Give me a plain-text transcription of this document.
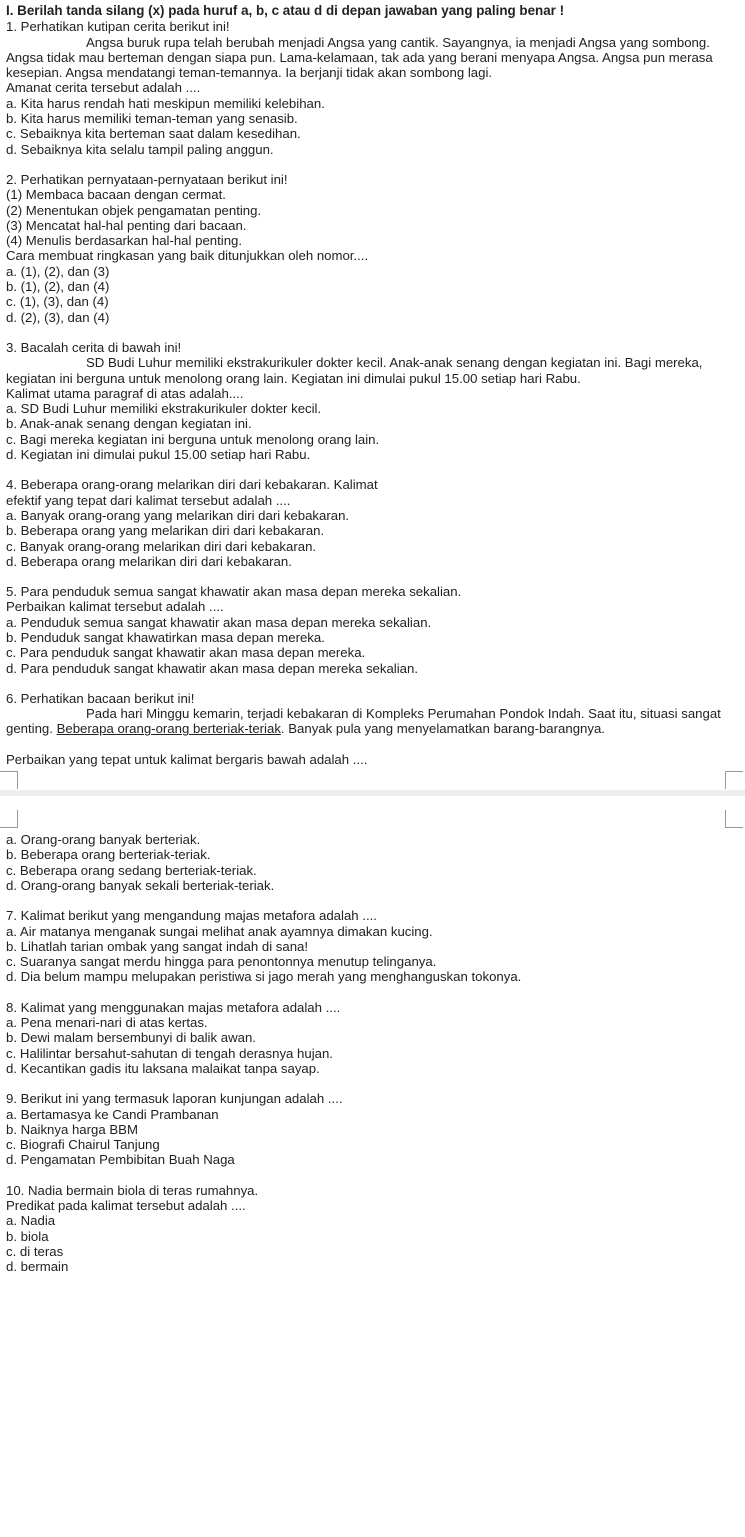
I. Berilah tanda silang (x) pada huruf a, b, c atau d di depan jawaban yang paling benar !
1. Perhatikan kutipan cerita berikut ini!

Angsa buruk rupa telah berubah menjadi Angsa yang cantik. Sayangnya, ia menjadi Angsa yang sombong. Angsa tidak mau berteman dengan siapa pun. Lama-kelamaan, tak ada yang berani menyapa Angsa. Angsa pun merasa kesepian. Angsa mendatangi teman-temannya. Ia berjanji tidak akan sombong lagi.

Amanat cerita tersebut adalah ....
a. Kita harus rendah hati meskipun memiliki kelebihan.
b. Kita harus memiliki teman-teman yang senasib.
c. Sebaiknya kita berteman saat dalam kesedihan.
d. Sebaiknya kita selalu tampil paling anggun.
2. Perhatikan pernyataan-pernyataan berikut ini!
(1) Membaca bacaan dengan cermat.
(2) Menentukan objek pengamatan penting.
(3) Mencatat hal-hal penting dari bacaan.
(4) Menulis berdasarkan hal-hal penting.
Cara membuat ringkasan yang baik ditunjukkan oleh nomor....
a. (1), (2), dan (3)
b. (1), (2), dan (4)
c. (1), (3), dan (4)
d. (2), (3), dan (4)
3. Bacalah cerita di bawah ini!

SD Budi Luhur memiliki ekstrakurikuler dokter kecil. Anak-anak senang dengan kegiatan ini. Bagi mereka, kegiatan ini berguna untuk menolong orang lain. Kegiatan ini dimulai pukul 15.00 setiap hari Rabu.

Kalimat utama paragraf di atas adalah....
a. SD Budi Luhur memiliki ekstrakurikuler dokter kecil.
b. Anak-anak senang dengan kegiatan ini.
c. Bagi mereka kegiatan ini berguna untuk menolong orang lain.
d. Kegiatan ini dimulai pukul 15.00 setiap hari Rabu.
4. Beberapa orang-orang melarikan diri dari kebakaran. Kalimat efektif yang tepat dari kalimat tersebut adalah ....
a. Banyak orang-orang yang melarikan diri dari kebakaran.
b. Beberapa orang yang melarikan diri dari kebakaran.
c. Banyak orang-orang melarikan diri dari kebakaran.
d. Beberapa orang melarikan diri dari kebakaran.
5. Para penduduk semua sangat khawatir akan masa depan mereka sekalian. Perbaikan kalimat tersebut adalah ....
a. Penduduk semua sangat khawatir akan masa depan mereka sekalian.
b. Penduduk sangat khawatirkan masa depan mereka.
c. Para penduduk sangat khawatir akan masa depan mereka.
d. Para penduduk sangat khawatir akan masa depan mereka sekalian.
6. Perhatikan bacaan berikut ini!

Pada hari Minggu kemarin, terjadi kebakaran di Kompleks Perumahan Pondok Indah. Saat itu, situasi sangat genting. Beberapa orang-orang berteriak-teriak. Banyak pula yang menyelamatkan barang-barangnya.

Perbaikan yang tepat untuk kalimat bergaris bawah adalah ....
a. Orang-orang banyak berteriak.
b. Beberapa orang berteriak-teriak.
c. Beberapa orang sedang berteriak-teriak.
d. Orang-orang banyak sekali berteriak-teriak.
7. Kalimat berikut yang mengandung majas metafora adalah ....
a. Air matanya menganak sungai melihat anak ayamnya dimakan kucing.
b. Lihatlah tarian ombak yang sangat indah di sana!
c. Suaranya sangat merdu hingga para penontonnya menutup telinganya.
d. Dia belum mampu melupakan peristiwa si jago merah yang menghanguskan tokonya.
8. Kalimat yang menggunakan majas metafora adalah ....
a. Pena menari-nari di atas kertas.
b. Dewi malam bersembunyi di balik awan.
c. Halilintar bersahut-sahutan di tengah derasnya hujan.
d. Kecantikan gadis itu laksana malaikat tanpa sayap.
9. Berikut ini yang termasuk laporan kunjungan adalah ....
a. Bertamasya ke Candi Prambanan
b. Naiknya harga BBM
c. Biografi Chairul Tanjung
d. Pengamatan Pembibitan Buah Naga
10. Nadia bermain biola di teras rumahnya. Predikat pada kalimat tersebut adalah ....
a. Nadia
b. biola
c. di teras
d. bermain
